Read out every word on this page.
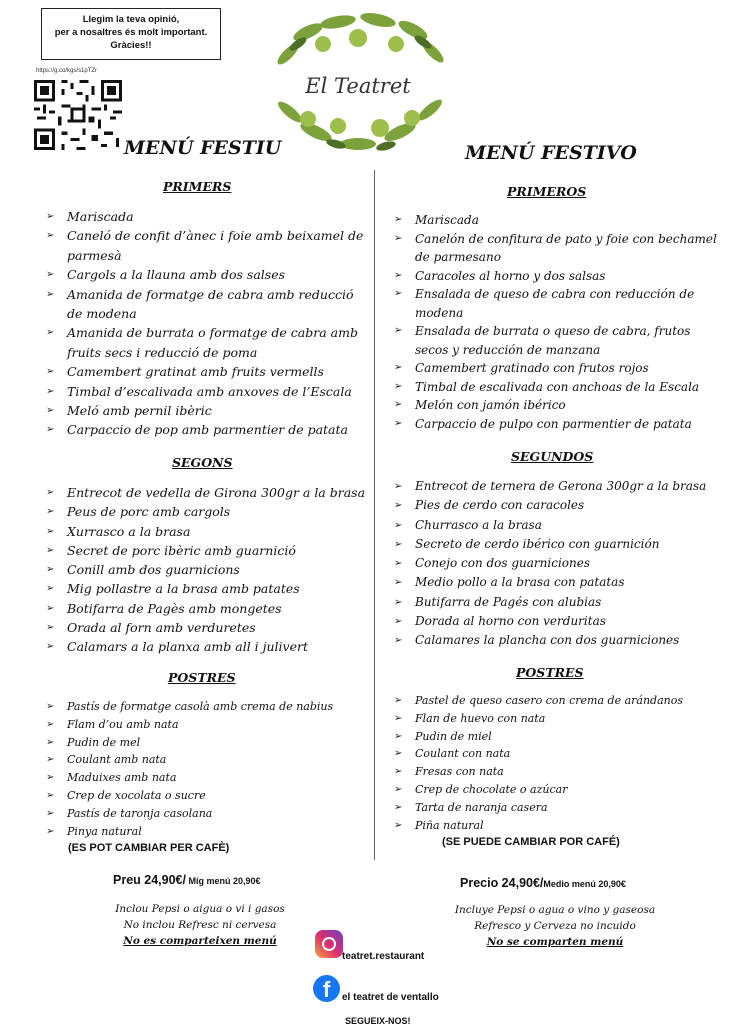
Llegim la teva opinió,
per a nosaltres és molt important.
Gràcies!!
https://g.co/kgs/s1pTZr
El Teatret
MENÚ FESTIU	MENÚ FESTIVO
PRIMERS
➢ Mariscada
➢ Caneló de confit d’ànec i foie amb beixamel de
parmesà
➢ Cargols a la llauna amb dos salses
➢ Amanida de formatge de cabra amb reducció
de modena
➢ Amanida de burrata o formatge de cabra amb
fruits secs i reducció de poma
➢ Camembert gratinat amb fruits vermells
➢ Timbal d’escalivada amb anxoves de l’Escala
➢ Meló amb pernil ibèric
➢ Carpaccio de pop amb parmentier de patata
SEGONS
➢ Entrecot de vedella de Girona 300gr a la brasa
➢ Peus de porc amb cargols
➢ Xurrasco a la brasa
➢ Secret de porc ibèric amb guarnició
➢ Conill amb dos guarnicions
➢ Mig pollastre a la brasa amb patates
➢ Botifarra de Pagès amb mongetes
➢ Orada al forn amb verduretes
➢ Calamars a la planxa amb all i julivert
POSTRES
➢ Pastís de formatge casolà amb crema de nabius
➢ Flam d’ou amb nata
➢ Pudin de mel
➢ Coulant amb nata
➢ Maduixes amb nata
➢ Crep de xocolata o sucre
➢ Pastís de taronja casolana
➢ Pinya natural
(ES POT CAMBIAR PER CAFÈ)
Preu 24,90€/ Mig menú 20,90€
Inclou Pepsi o aigua o vi i gasos
No inclou Refresc ni cervesa
No es comparteixen menú
PRIMEROS
➢ Mariscada
➢ Canelón de confitura de pato y foie con bechamel
de parmesano
➢ Caracoles al horno y dos salsas
➢ Ensalada de queso de cabra con reducción de
modena
➢ Ensalada de burrata o queso de cabra, frutos
secos y reducción de manzana
➢ Camembert gratinado con frutos rojos
➢ Timbal de escalivada con anchoas de la Escala
➢ Melón con jamón ibérico
➢ Carpaccio de pulpo con parmentier de patata
SEGUNDOS
➢ Entrecot de ternera de Gerona 300gr a la brasa
➢ Pies de cerdo con caracoles
➢ Churrasco a la brasa
➢ Secreto de cerdo ibérico con guarnición
➢ Conejo con dos guarniciones
➢ Medio pollo a la brasa con patatas
➢ Butifarra de Pagés con alubias
➢ Dorada al horno con verduritas
➢ Calamares la plancha con dos guarniciones
POSTRES
➢ Pastel de queso casero con crema de arándanos
➢ Flan de huevo con nata
➢ Pudin de miel
➢ Coulant con nata
➢ Fresas con nata
➢ Crep de chocolate o azúcar
➢ Tarta de naranja casera
➢ Piña natural
(SE PUEDE CAMBIAR POR CAFÉ)
Precio 24,90€/Medio menú 20,90€
Incluye Pepsi o agua o vino y gaseosa
Refresco y Cerveza no incuido
No se comparten menú
teatret.restaurant
f	el teatret de ventallo
SEGUEIX-NOS!
